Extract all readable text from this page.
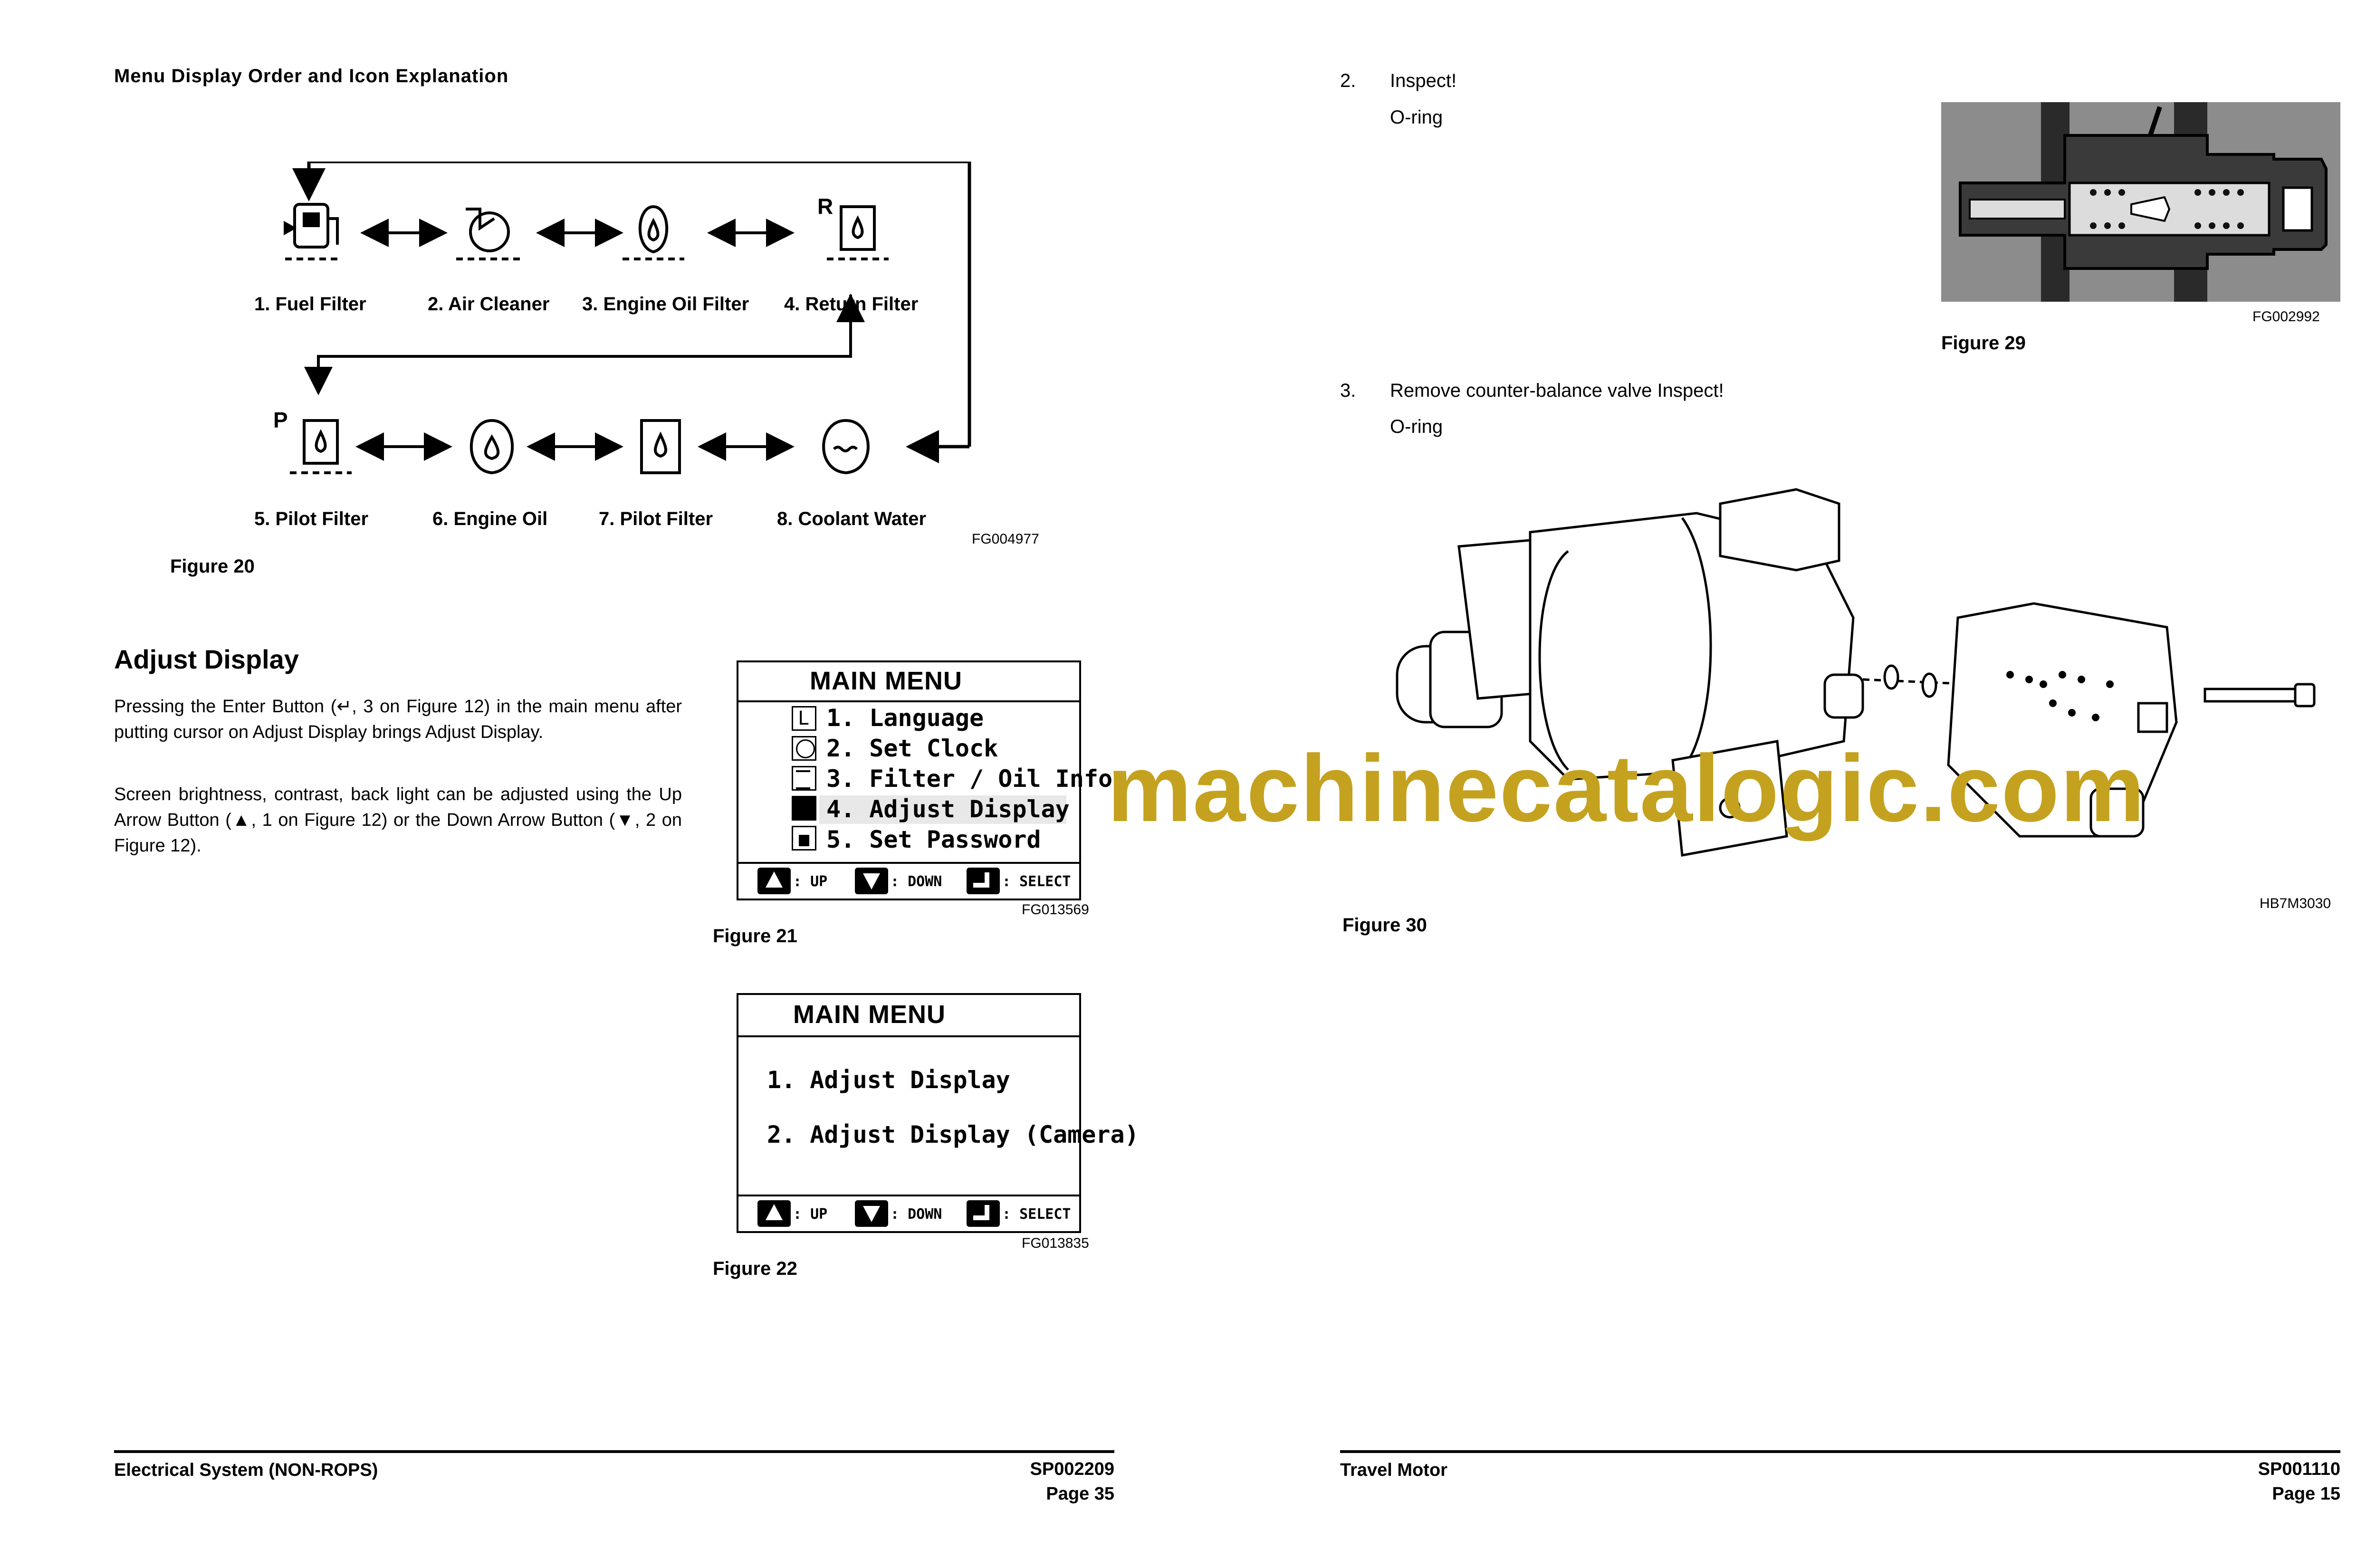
Menu Display Order and Icon Explanation
R
P
1. Fuel Filter	2. Air Cleaner 3. Engine Oil Filter 4. Return Filter
5. Pilot Filter	6. Engine Oil	7. Pilot Filter	8. Coolant Water
FG004977
Figure 20
Adjust Display
Pressing the Enter Button (↵, 3 on Figure 12) in the main menu after putting cursor on Adjust Display brings Adjust Display.
Screen brightness, contrast, back light can be adjusted using the Up Arrow Button (▲, 1 on Figure 12) or the Down Arrow Button (▼, 2 on Figure 12).
MAIN MENU
L 1. Language
2. Set Clock
3. Filter / Oil Info
4. Adjust Display
5. Set Password
: UP	: DOWN	: SELECT
FG013569
Figure 21
MAIN MENU
1. Adjust Display
2. Adjust Display (Camera)
: UP	: DOWN	: SELECT
FG013835
Figure 22
Electrical System (NON-ROPS)	SP002209
Page 35
2. Inspect!
O-ring
FG002992
Figure 29
3. Remove counter-balance valve Inspect!
O-ring
HB7M3030
Figure 30
machinecatalogic.com
Travel Motor	SP001110
Page 15
